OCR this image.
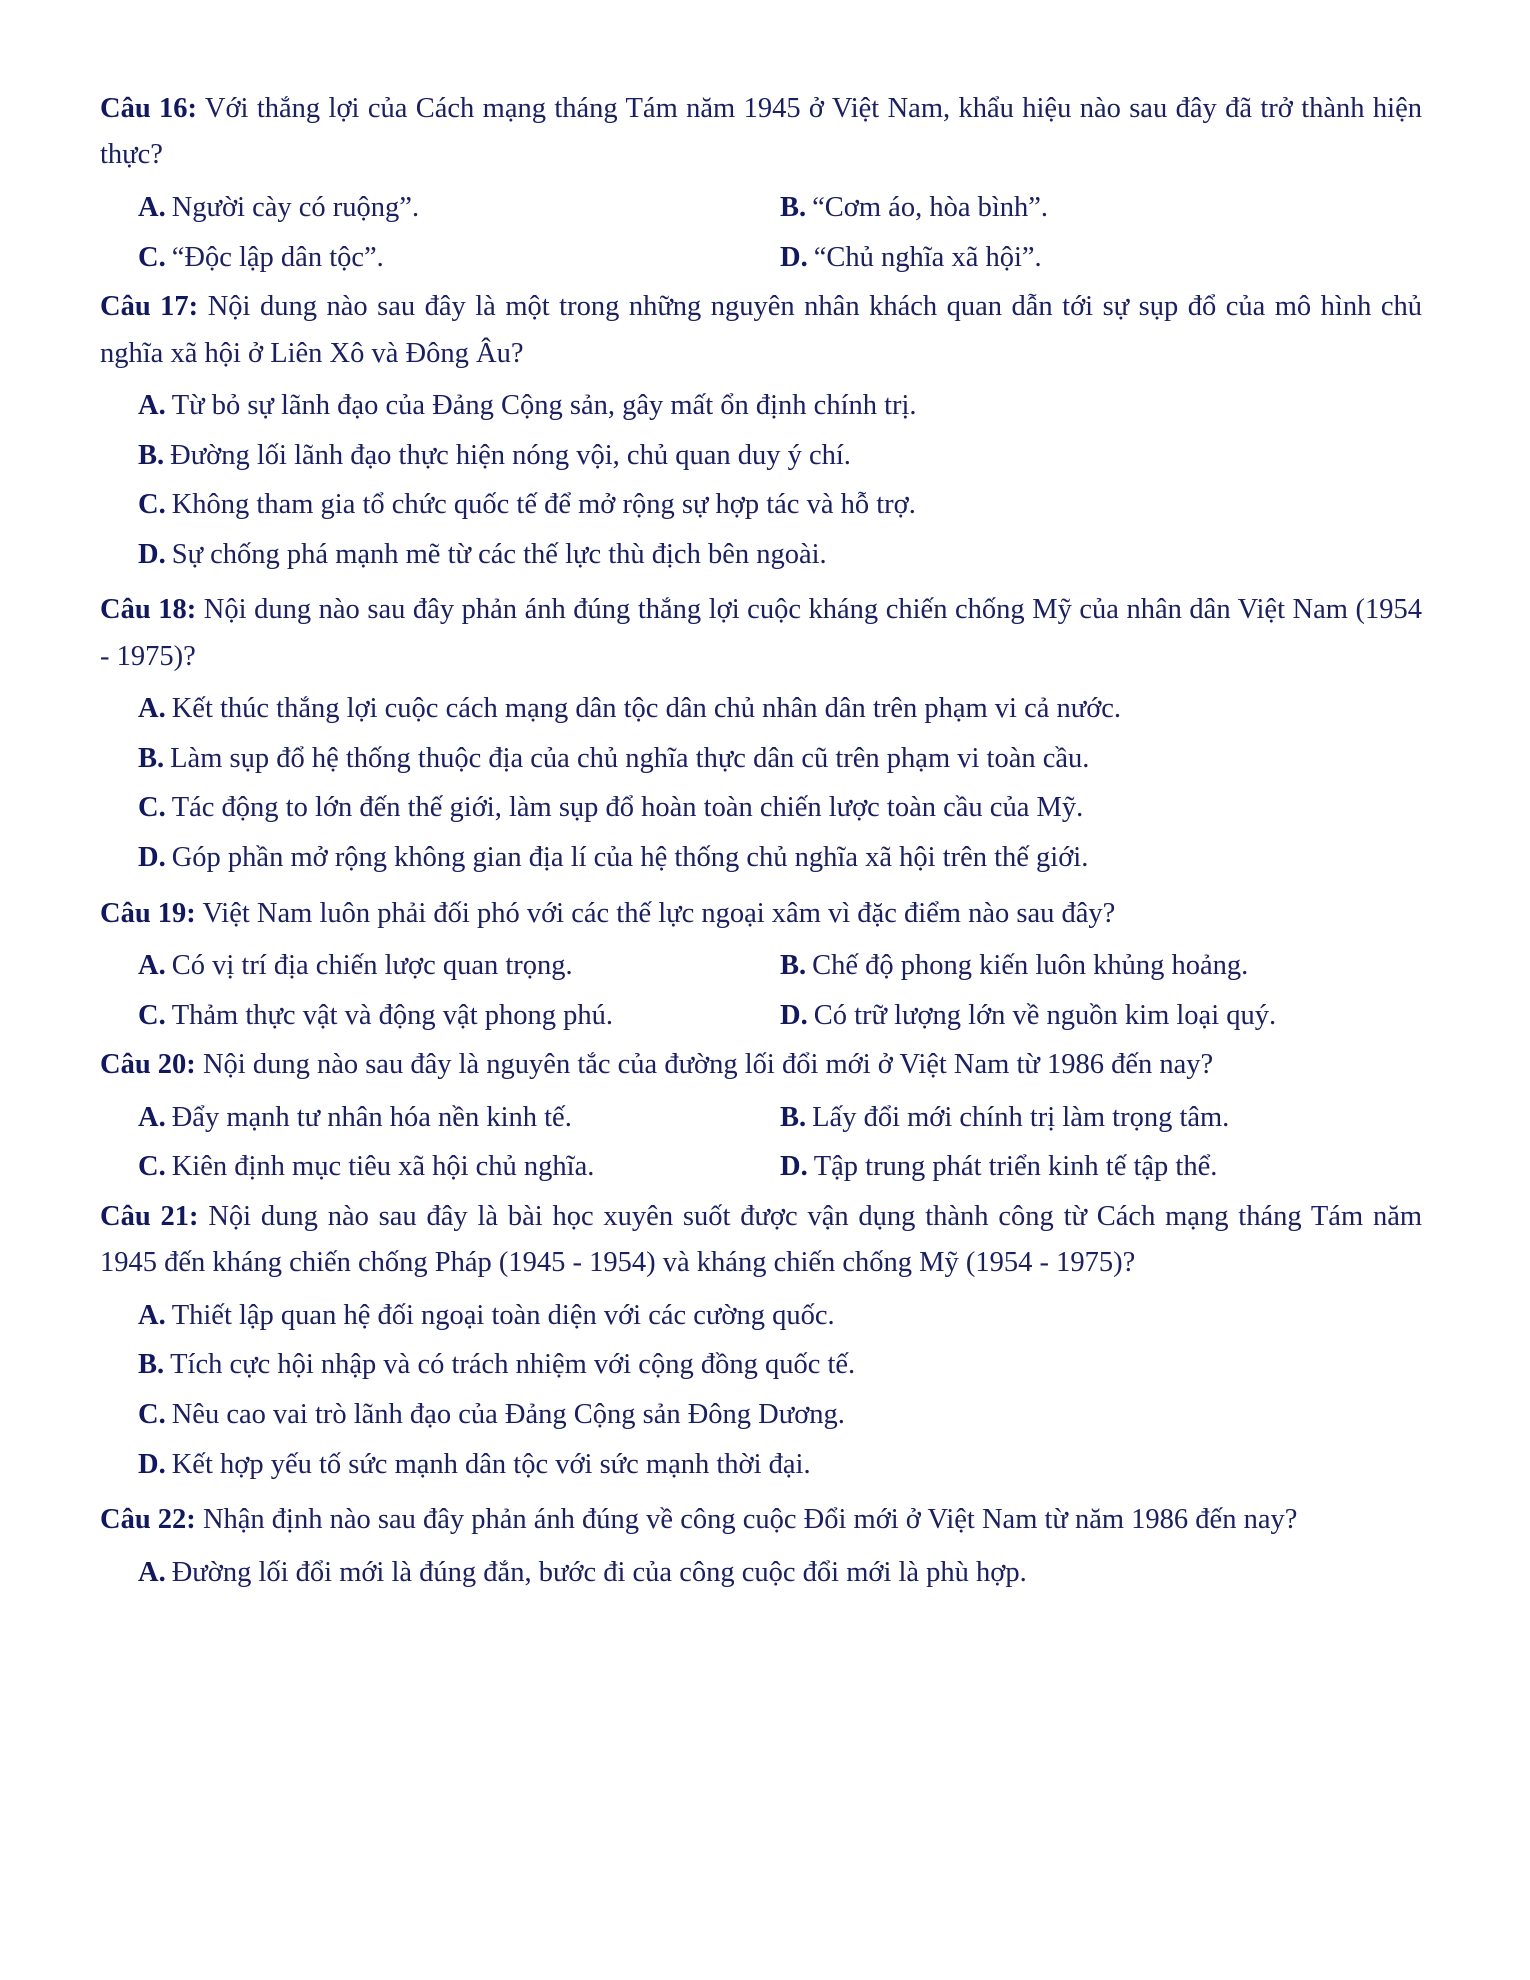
Câu 16: Với thắng lợi của Cách mạng tháng Tám năm 1945 ở Việt Nam, khẩu hiệu nào sau đây đã trở thành hiện thực?

A. Người cày có ruộng”.	B. “Cơm áo, hòa bình”.
C. “Độc lập dân tộc”.	D. “Chủ nghĩa xã hội”.

Câu 17: Nội dung nào sau đây là một trong những nguyên nhân khách quan dẫn tới sự sụp đổ của mô hình chủ nghĩa xã hội ở Liên Xô và Đông Âu?

A. Từ bỏ sự lãnh đạo của Đảng Cộng sản, gây mất ổn định chính trị.
B. Đường lối lãnh đạo thực hiện nóng vội, chủ quan duy ý chí.
C. Không tham gia tổ chức quốc tế để mở rộng sự hợp tác và hỗ trợ.
D. Sự chống phá mạnh mẽ từ các thế lực thù địch bên ngoài.

Câu 18: Nội dung nào sau đây phản ánh đúng thắng lợi cuộc kháng chiến chống Mỹ của nhân dân Việt Nam (1954 - 1975)?

A. Kết thúc thắng lợi cuộc cách mạng dân tộc dân chủ nhân dân trên phạm vi cả nước.
B. Làm sụp đổ hệ thống thuộc địa của chủ nghĩa thực dân cũ trên phạm vi toàn cầu.
C. Tác động to lớn đến thế giới, làm sụp đổ hoàn toàn chiến lược toàn cầu của Mỹ.
D. Góp phần mở rộng không gian địa lí của hệ thống chủ nghĩa xã hội trên thế giới.

Câu 19: Việt Nam luôn phải đối phó với các thế lực ngoại xâm vì đặc điểm nào sau đây?

A. Có vị trí địa chiến lược quan trọng.	B. Chế độ phong kiến luôn khủng hoảng.
C. Thảm thực vật và động vật phong phú.	D. Có trữ lượng lớn về nguồn kim loại quý.

Câu 20: Nội dung nào sau đây là nguyên tắc của đường lối đổi mới ở Việt Nam từ 1986 đến nay?

A. Đẩy mạnh tư nhân hóa nền kinh tế.	B. Lấy đổi mới chính trị làm trọng tâm.
C. Kiên định mục tiêu xã hội chủ nghĩa.	D. Tập trung phát triển kinh tế tập thể.

Câu 21: Nội dung nào sau đây là bài học xuyên suốt được vận dụng thành công từ Cách mạng tháng Tám năm 1945 đến kháng chiến chống Pháp (1945 - 1954) và kháng chiến chống Mỹ (1954 - 1975)?

A. Thiết lập quan hệ đối ngoại toàn diện với các cường quốc.
B. Tích cực hội nhập và có trách nhiệm với cộng đồng quốc tế.
C. Nêu cao vai trò lãnh đạo của Đảng Cộng sản Đông Dương.
D. Kết hợp yếu tố sức mạnh dân tộc với sức mạnh thời đại.

Câu 22: Nhận định nào sau đây phản ánh đúng về công cuộc Đổi mới ở Việt Nam từ năm 1986 đến nay?

A. Đường lối đổi mới là đúng đắn, bước đi của công cuộc đổi mới là phù hợp.
